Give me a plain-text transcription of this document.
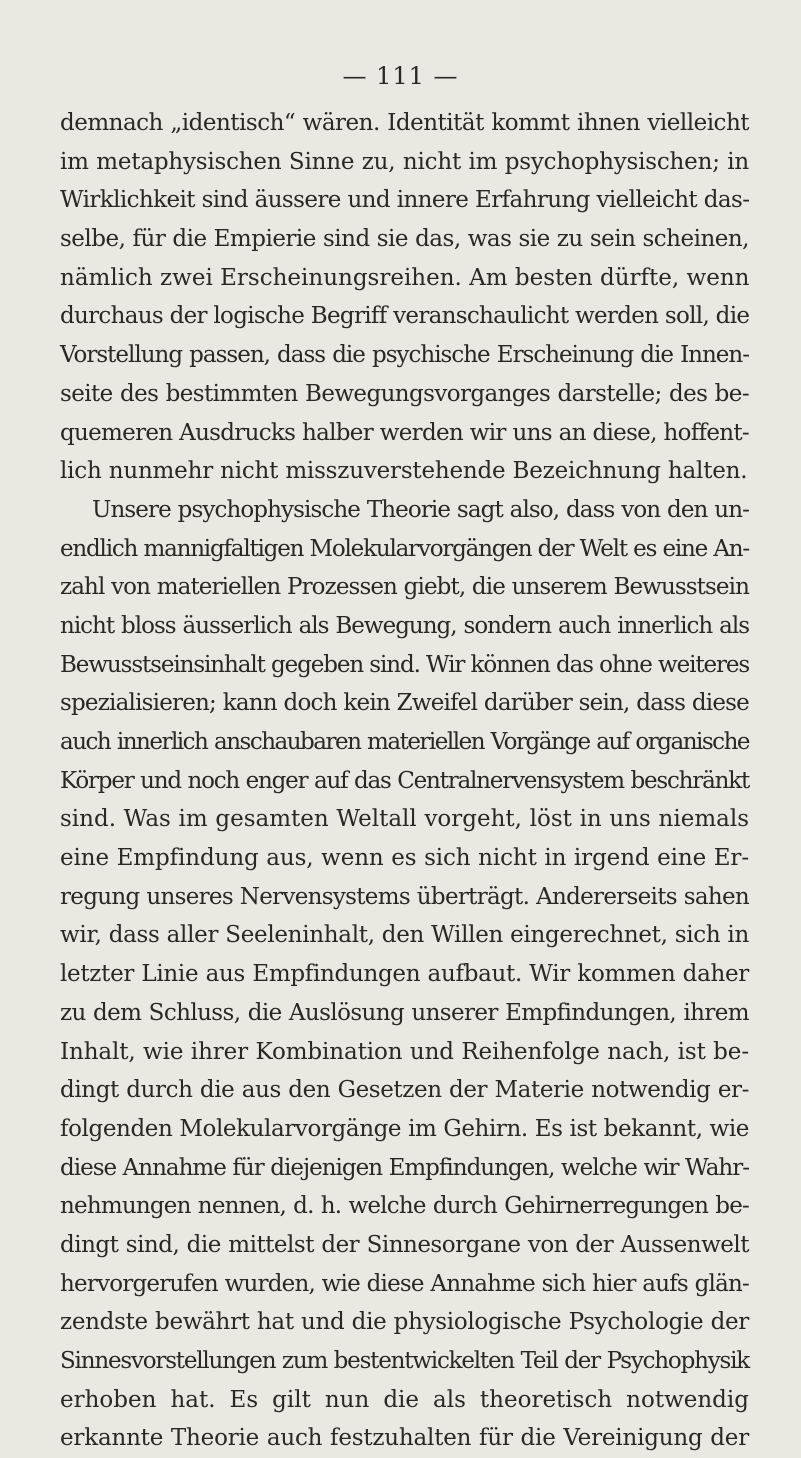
— 111 —
demnach „identisch“ wären. Identität kommt ihnen vielleicht
im metaphysischen Sinne zu, nicht im psychophysischen; in
Wirklichkeit sind äussere und innere Erfahrung vielleicht das-
selbe, für die Empierie sind sie das, was sie zu sein scheinen,
nämlich zwei Erscheinungsreihen. Am besten dürfte, wenn
durchaus der logische Begriff veranschaulicht werden soll, die
Vorstellung passen, dass die psychische Erscheinung die Innen-
seite des bestimmten Bewegungsvorganges darstelle; des be-
quemeren Ausdrucks halber werden wir uns an diese, hoffent-
lich nunmehr nicht misszuverstehende Bezeichnung halten.
Unsere psychophysische Theorie sagt also, dass von den un-
endlich mannigfaltigen Molekularvorgängen der Welt es eine An-
zahl von materiellen Prozessen giebt, die unserem Bewusstsein
nicht bloss äusserlich als Bewegung, sondern auch innerlich als
Bewusstseinsinhalt gegeben sind. Wir können das ohne weiteres
spezialisieren; kann doch kein Zweifel darüber sein, dass diese
auch innerlich anschaubaren materiellen Vorgänge auf organische
Körper und noch enger auf das Centralnervensystem beschränkt
sind. Was im gesamten Weltall vorgeht, löst in uns niemals
eine Empfindung aus, wenn es sich nicht in irgend eine Er-
regung unseres Nervensystems überträgt. Andererseits sahen
wir, dass aller Seeleninhalt, den Willen eingerechnet, sich in
letzter Linie aus Empfindungen aufbaut. Wir kommen daher
zu dem Schluss, die Auslösung unserer Empfindungen, ihrem
Inhalt, wie ihrer Kombination und Reihenfolge nach, ist be-
dingt durch die aus den Gesetzen der Materie notwendig er-
folgenden Molekularvorgänge im Gehirn. Es ist bekannt, wie
diese Annahme für diejenigen Empfindungen, welche wir Wahr-
nehmungen nennen, d. h. welche durch Gehirnerregungen be-
dingt sind, die mittelst der Sinnesorgane von der Aussenwelt
hervorgerufen wurden, wie diese Annahme sich hier aufs glän-
zendste bewährt hat und die physiologische Psychologie der
Sinnesvorstellungen zum bestentwickelten Teil der Psychophysik
erhoben hat. Es gilt nun die als theoretisch notwendig
erkannte Theorie auch festzuhalten für die Vereinigung der
